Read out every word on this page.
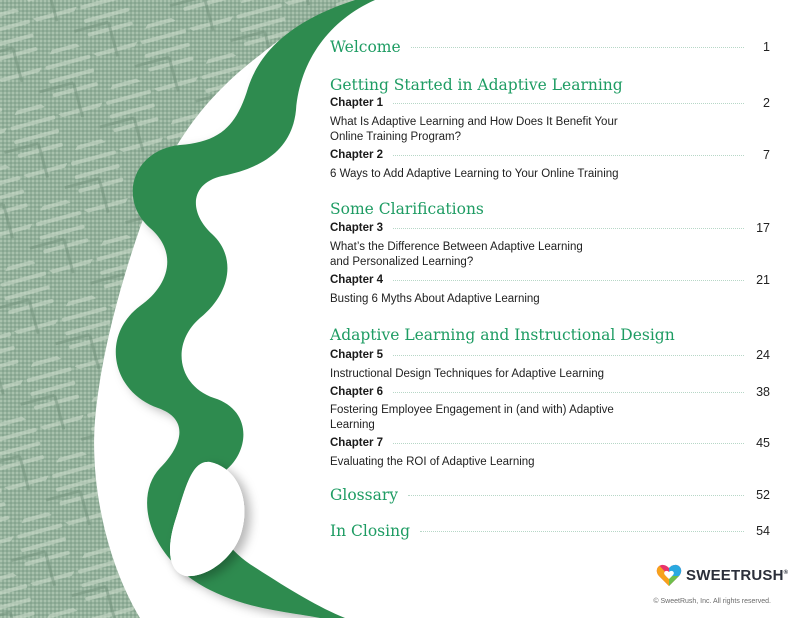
Welcome	1
Getting Started in Adaptive Learning
Chapter 1	2
What Is Adaptive Learning and How Does It Benefit Your Online Training Program?
Chapter 2	7
6 Ways to Add Adaptive Learning to Your Online Training
Some Clarifications
Chapter 3	17
What’s the Difference Between Adaptive Learning and Personalized Learning?
Chapter 4	21
Busting 6 Myths About Adaptive Learning
Adaptive Learning and Instructional Design
Chapter 5	24
Instructional Design Techniques for Adaptive Learning
Chapter 6	38
Fostering Employee Engagement in (and with) Adaptive Learning
Chapter 7	45
Evaluating the ROI of Adaptive Learning
Glossary	52
In Closing	54
SWEETRUSH®
© SweetRush, Inc. All rights reserved.
